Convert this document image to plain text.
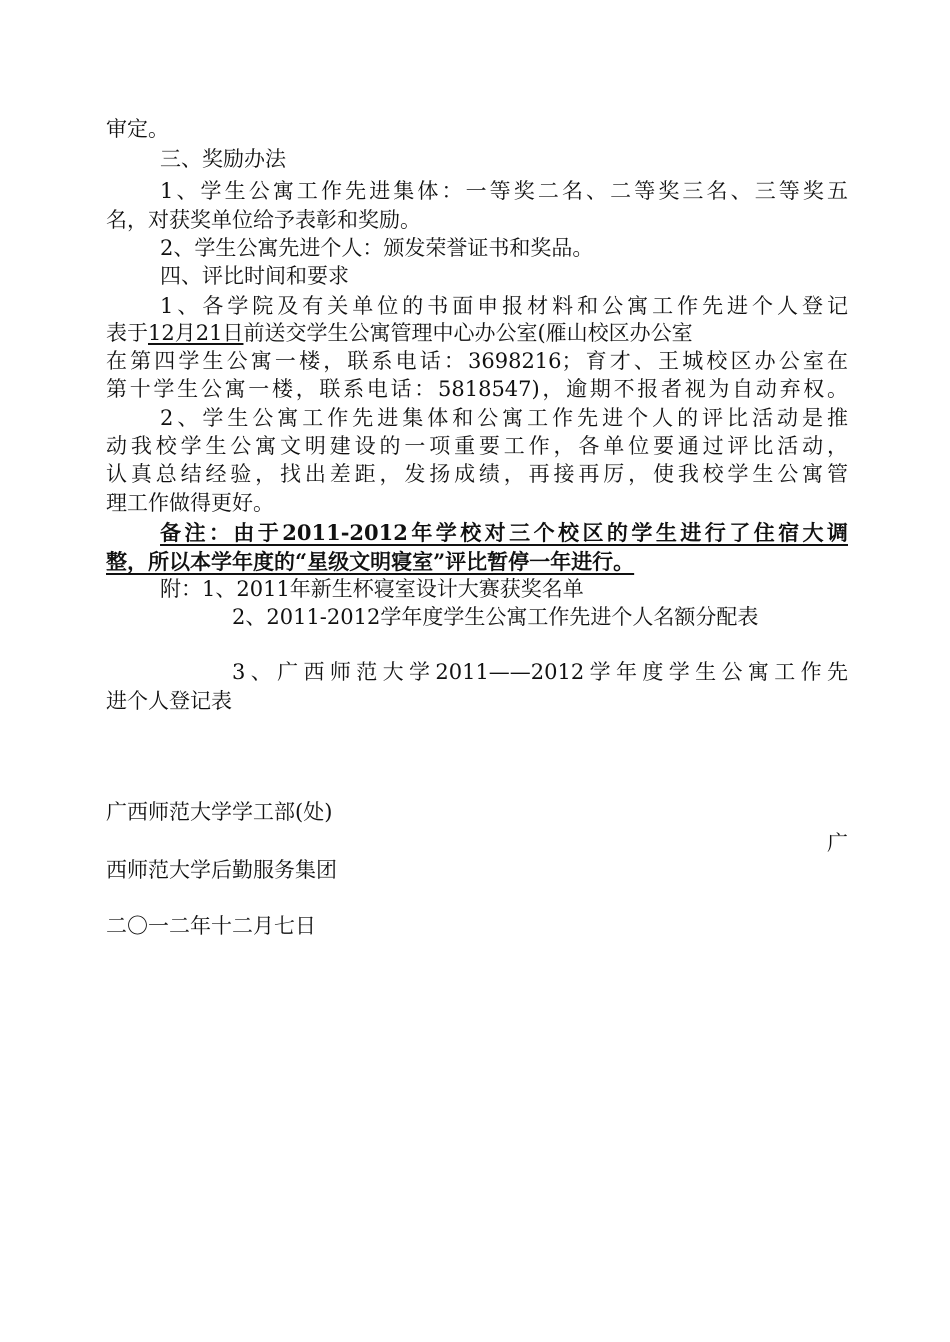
审定。
三、奖励办法
1、学生公寓工作先进集体：一等奖二名、二等奖三名、三等奖五
名，对获奖单位给予表彰和奖励。
2、学生公寓先进个人：颁发荣誉证书和奖品。
四、评比时间和要求
1、各学院及有关单位的书面申报材料和公寓工作先进个人登记
表于12月21日前送交学生公寓管理中心办公室(雁山校区办公室
在第四学生公寓一楼，联系电话：3698216；育才、王城校区办公室在
第十学生公寓一楼，联系电话：5818547)，逾期不报者视为自动弃权。
2、学生公寓工作先进集体和公寓工作先进个人的评比活动是推
动我校学生公寓文明建设的一项重要工作，各单位要通过评比活动，
认真总结经验，找出差距，发扬成绩，再接再厉，使我校学生公寓管
理工作做得更好。
备注：由于2011-2012年学校对三个校区的学生进行了住宿大调
整，所以本学年度的“星级文明寝室”评比暂停一年进行。
附：1、2011年新生杯寝室设计大赛获奖名单
2、2011-2012学年度学生公寓工作先进个人名额分配表
3、广西师范大学2011——2012学年度学生公寓工作先
进个人登记表
广西师范大学学工部(处)
广
西师范大学后勤服务集团
二〇一二年十二月七日
